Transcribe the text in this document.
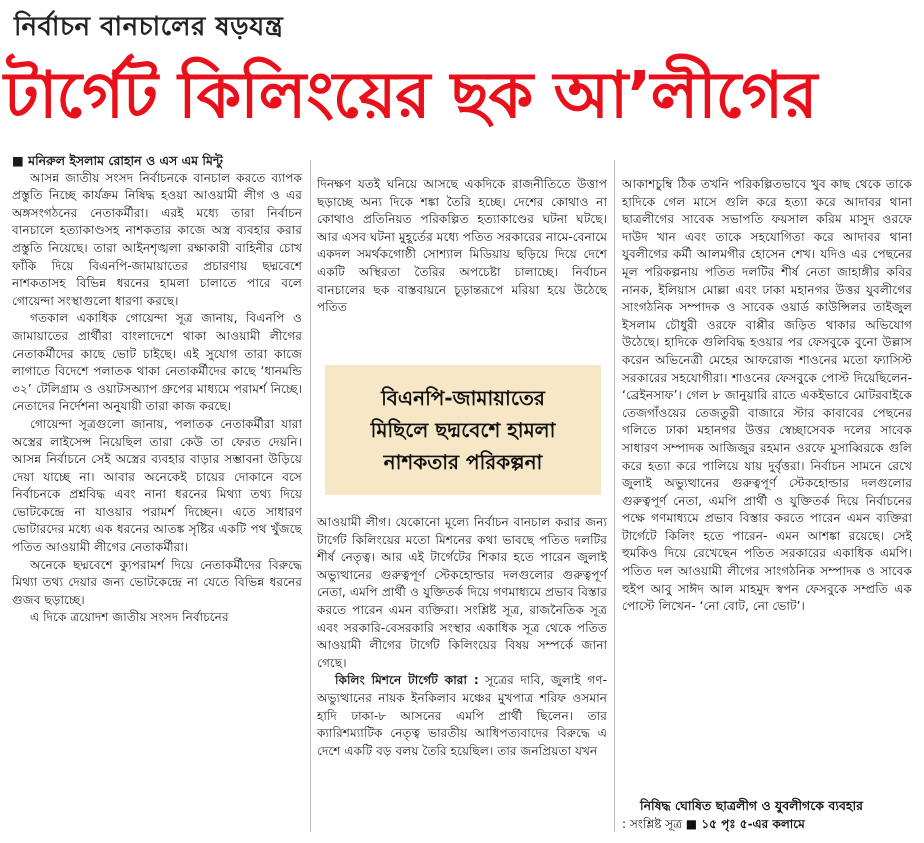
নির্বাচন বানচালের ষড়যন্ত্র
টার্গেট কিলিংয়ের ছক আ’লীগের

■ মনিরুল ইসলাম রোহান ও এস এম মিন্টু

আসন্ন জাতীয় সংসদ নির্বাচনকে বানচাল করতে ব্যাপক প্রস্তুতি নিচ্ছে কার্যক্রম নিষিদ্ধ হওয়া আওয়ামী লীগ ও এর অঙ্গসংগঠনের নেতাকর্মীরা। এরই মধ্যে তারা নির্বাচন বানচালে হত্যাকাণ্ডসহ নাশকতার কাজে অস্ত্র ব্যবহার করার প্রস্তুতি নিয়েছে। তারা আইনশৃঙ্খলা রক্ষাকারী বাহিনীর চোখ ফাঁকি দিয়ে বিএনপি-জামায়াতের প্রচারণায় ছদ্মবেশে নাশকতাসহ বিভিন্ন ধরনের হামলা চালাতে পারে বলে গোয়েন্দা সংস্থাগুলো ধারণা করছে।

গতকাল একাধিক গোয়েন্দা সূত্র জানায়, বিএনপি ও জামায়াতের প্রার্থীরা বাংলাদেশে থাকা আওয়ামী লীগের নেতাকর্মীদের কাছে ভোট চাইছে। এই সুযোগ তারা কাজে লাগাতে বিদেশে পলাতক থাকা নেতাকর্মীদের কাছে ‘ধানমন্ডি ৩২’ টেলিগ্রাম ও ওয়াটসঅ্যাপ গ্রুপের মাধ্যমে পরামর্শ নিচ্ছে। নেতাদের নির্দেশনা অনুযায়ী তারা কাজ করছে।

গোয়েন্দা সূত্রগুলো জানায়, পলাতক নেতাকর্মীরা যারা অস্ত্রের লাইসেন্স নিয়েছিল তারা কেউ তা ফেরত দেয়নি। আসন্ন নির্বাচনে সেই অস্ত্রের ব্যবহার বাড়ার সম্ভাবনা উড়িয়ে দেয়া যাচ্ছে না। আবার অনেকেই চায়ের দোকানে বসে নির্বাচনকে প্রশ্নবিদ্ধ এবং নানা ধরনের মিথ্যা তথ্য দিয়ে ভোটকেন্দ্রে না যাওয়ার পরামর্শ দিচ্ছেন। এতে সাধারণ ভোটারদের মধ্যে এক ধরনের আতঙ্ক সৃষ্টির একটি পথ খুঁজছে পতিত আওয়ামী লীগের নেতাকর্মীরা।

অনেকে ছদ্মবেশে ক্যুপরামর্শ দিয়ে নেতাকর্মীদের বিরুদ্ধে মিথ্যা তথ্য দেয়ার জন্য ভোটকেন্দ্রে না যেতে বিভিন্ন ধরনের গুজব ছড়াচ্ছে।

এ দিকে ত্রয়োদশ জাতীয় সংসদ নির্বাচনের

দিনক্ষণ যতই ঘনিয়ে আসছে একদিকে রাজনীতিতে উত্তাপ ছড়াচ্ছে অন্য দিকে শঙ্কা তৈরি হচ্ছে। দেশের কোথাও না কোথাও প্রতিনিয়ত পরিকল্পিত হত্যাকাণ্ডের ঘটনা ঘটছে। আর এসব ঘটনা মুহূর্তের মধ্যে পতিত সরকারের নামে-বেনামে একদল সমর্থকগোষ্ঠী সোশ্যাল মিডিয়ায় ছড়িয়ে দিয়ে দেশে একটি অস্থিরতা তৈরির অপচেষ্টা চালাচ্ছে। নির্বাচন বানচালের ছক বাস্তবায়নে চূড়ান্তরূপে মরিয়া হয়ে উঠেছে পতিত

বিএনপি-জামায়াতের
মিছিলে ছদ্মবেশে হামলা
নাশকতার পরিকল্পনা

আওয়ামী লীগ। যেকোনো মূল্যে নির্বাচন বানচাল করার জন্য টার্গেট কিলিংয়ের মতো মিশনের কথা ভাবছে পতিত দলটির শীর্ষ নেতৃত্ব। আর এই টার্গেটের শিকার হতে পারেন জুলাই অভ্যুত্থানের গুরুত্বপূর্ণ স্টেকহোল্ডার দলগুলোর গুরুত্বপূর্ণ নেতা, এমপি প্রার্থী ও যুক্তিতর্ক দিয়ে গণমাধ্যমে প্রভাব বিস্তার করতে পারেন এমন ব্যক্তিরা। সংশ্লিষ্ট সূত্র, রাজনৈতিক সূত্র এবং সরকারি-বেসরকারি সংস্থার একাধিক সূত্র থেকে পতিত আওয়ামী লীগের টার্গেট কিলিংয়ের বিষয় সম্পর্কে জানা গেছে।

কিলিং মিশনে টার্গেট কারা : সূত্রের দাবি, জুলাই গণ-অভ্যুত্থানের নায়ক ইনকিলাব মঞ্চের মুখপাত্র শরিফ ওসমান হাদি ঢাকা-৮ আসনের এমপি প্রার্থী ছিলেন। তার ক্যারিশম্যাটিক নেতৃত্ব ভারতীয় আধিপত্যবাদের বিরুদ্ধে এ দেশে একটি বড় বলয় তৈরি হয়েছিল। তার জনপ্রিয়তা যখন

আকাশচুম্বি ঠিক তখনি পরিকল্পিতভাবে খুব কাছ থেকে তাকে হাদিকে গেল মাসে গুলি করে হত্যা করে আদাবর থানা ছাত্রলীগের সাবেক সভাপতি ফয়সাল করিম মাসুদ ওরফে দাউদ খান এবং তাকে সহযোগিতা করে আদাবর থানা যুবলীগের কর্মী আলমগীর হোসেন শেখ। যদিও এর পেছনের মূল পরিকল্পনায় পতিত দলটির শীর্ষ নেতা জাহাঙ্গীর কবির নানক, ইলিয়াস মোল্লা এবং ঢাকা মহানগর উত্তর যুবলীগের সাংগঠনিক সম্পাদক ও সাবেক ওয়ার্ড কাউন্সিলর তাইজুল ইসলাম চৌধুরী ওরফে বাপ্পীর জড়িত থাকার অভিযোগ উঠেছে। হাদিকে গুলিবিদ্ধ হওয়ার পর ফেসবুকে বুনো উল্লাস করেন অভিনেত্রী মেহের আফরোজ শাওনের মতো ফ্যাসিস্ট সরকারের সহযোগীরা। শাওনের ফেসবুকে পোস্ট দিয়েছিলেন- ‘ব্রেইনসাফ’। গেল ৮ জানুয়ারি রাতে একইভাবে মোটরবাইকে তেজগাঁওয়ের তেজতুরী বাজারে স্টার কাবাবের পেছনের গলিতে ঢাকা মহানগর উত্তর স্বেচ্ছাসেবক দলের সাবেক সাধারণ সম্পাদক আজিজুর রহমান ওরফে মুসাব্বিরকে গুলি করে হত্যা করে পালিয়ে যায় দুর্বৃত্তরা। নির্বাচন সামনে রেখে জুলাই অভ্যুত্থানের গুরুত্বপূর্ণ স্টেকহোল্ডার দলগুলোর গুরুত্বপূর্ণ নেতা, এমপি প্রার্থী ও যুক্তিতর্ক দিয়ে নির্বাচনের পক্ষে গণমাধ্যমে প্রভাব বিস্তার করতে পারেন এমন ব্যক্তিরা টার্গেটে কিলিং হতে পারেন- এমন আশঙ্কা রয়েছে। সেই হুমকিও দিয়ে রেখেছেন পতিত সরকারের একাধিক এমপি। পতিত দল আওয়ামী লীগের সাংগঠনিক সম্পাদক ও সাবেক হুইপ আবু সাঈদ আল মাহমুদ স্বপন ফেসবুকে সম্প্রতি এক পোস্টে লিখেন- ‘নো বোট, নো ভোট’।

নিষিদ্ধ ঘোষিত ছাত্রলীগ ও যুবলীগকে ব্যবহার
: সংশ্লিষ্ট সূত্র ■ ১৫ পৃঃ ৫-এর কলামে
